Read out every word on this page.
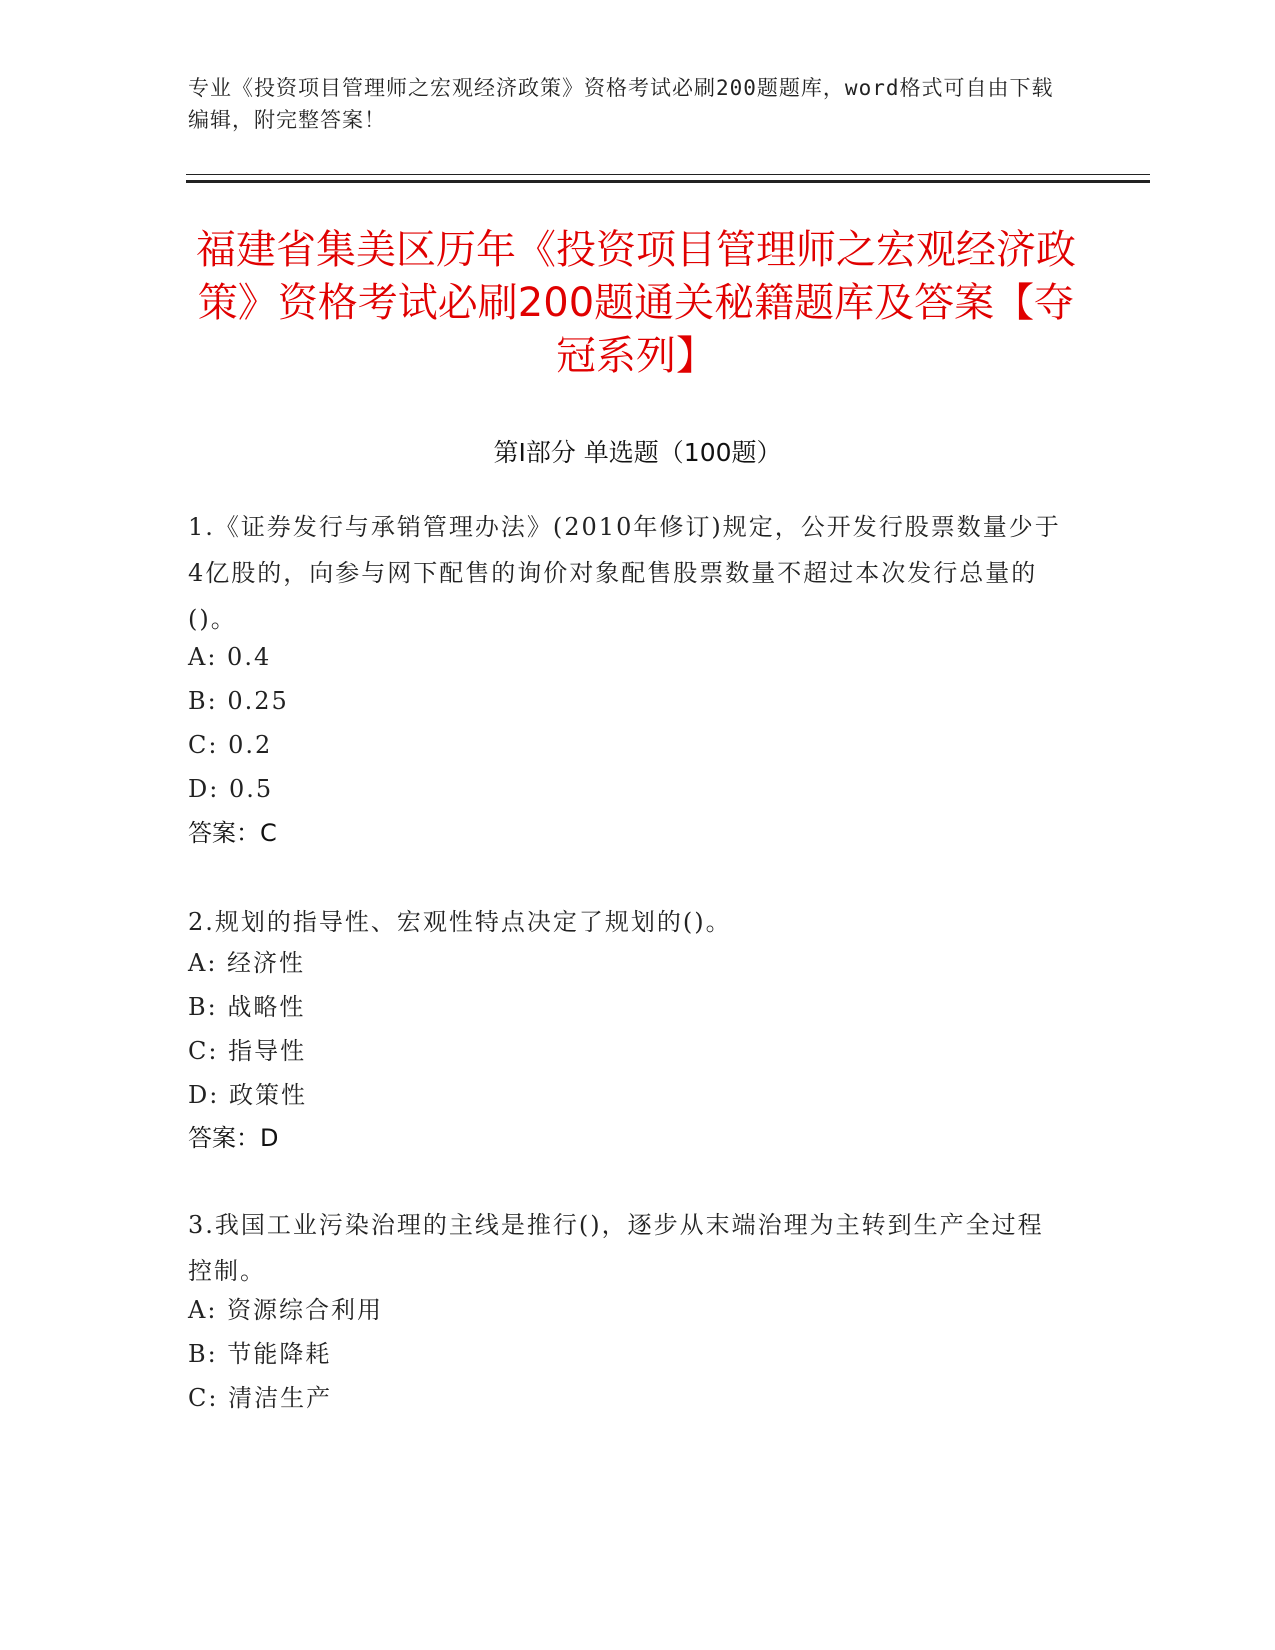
专业《投资项目管理师之宏观经济政策》资格考试必刷200题题库，word格式可自由下载编辑，附完整答案！
福建省集美区历年《投资项目管理师之宏观经济政策》资格考试必刷200题通关秘籍题库及答案【夺冠系列】
第Ⅰ部分 单选题（100题）
1.《证券发行与承销管理办法》(2010年修订)规定，公开发行股票数量少于4亿股的，向参与网下配售的询价对象配售股票数量不超过本次发行总量的()。
A: 0.4
B: 0.25
C: 0.2
D: 0.5
答案：C
2.规划的指导性、宏观性特点决定了规划的()。
A: 经济性
B: 战略性
C: 指导性
D: 政策性
答案：D
3.我国工业污染治理的主线是推行()，逐步从末端治理为主转到生产全过程控制。
A: 资源综合利用
B: 节能降耗
C: 清洁生产
